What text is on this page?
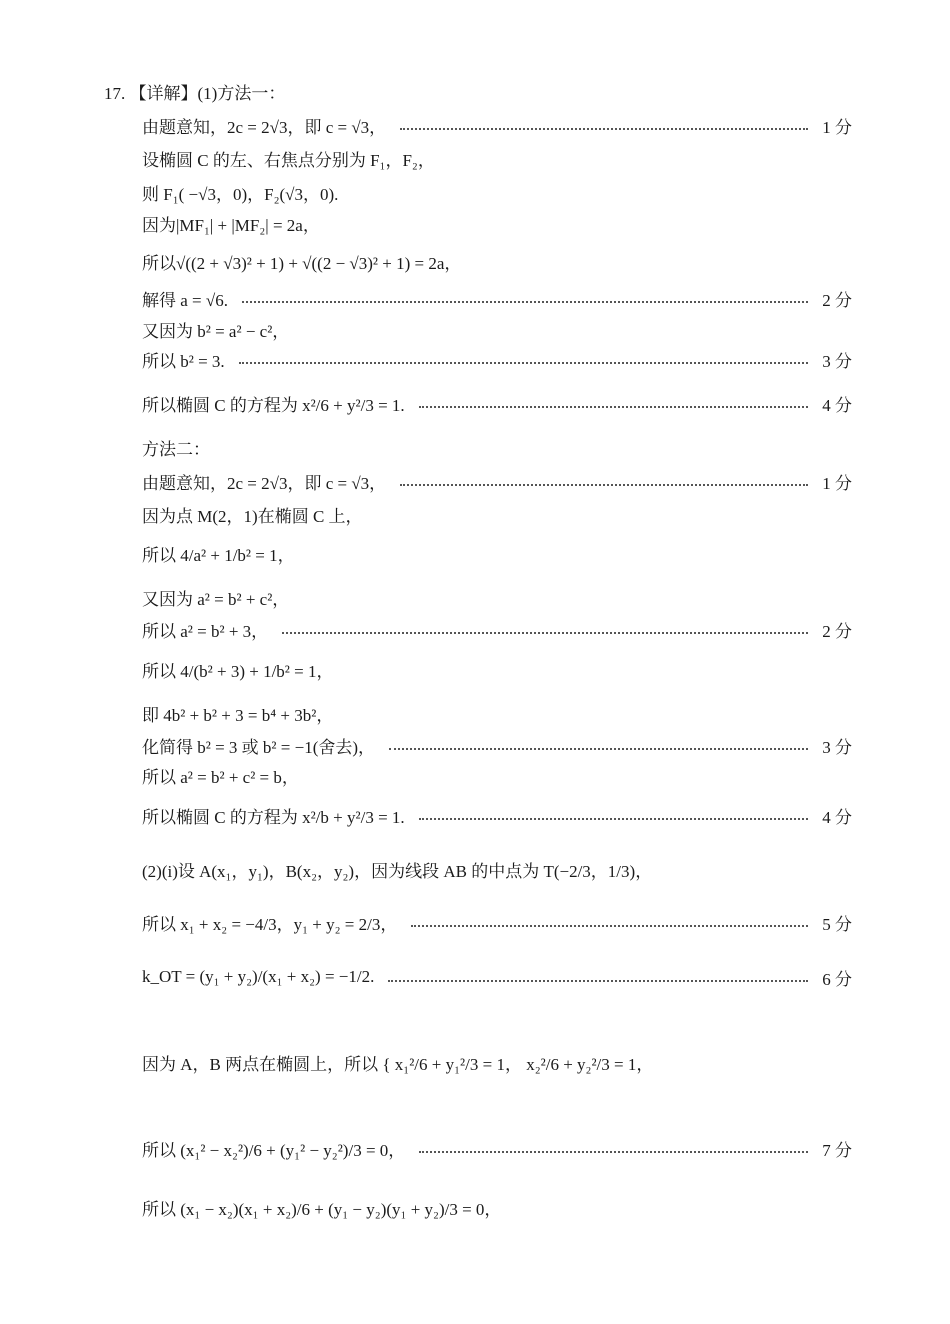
17. 【详解】(1)方法一：
由题意知，2c = 2√3，即 c = √3，	1 分
设椭圆 C 的左、右焦点分别为 F₁，F₂，
则 F₁( −√3，0)，F₂(√3，0).
因为|MF₁| + |MF₂| = 2a，
所以√((2 + √3)² + 1) + √((2 − √3)² + 1) = 2a，
解得 a = √6.	2 分
又因为 b² = a² − c²，
所以 b² = 3.	3 分
所以椭圆 C 的方程为 x²/6 + y²/3 = 1.	4 分
方法二：
由题意知，2c = 2√3，即 c = √3，	1 分
因为点 M(2，1)在椭圆 C 上，
所以 4/a² + 1/b² = 1，
又因为 a² = b² + c²，
所以 a² = b² + 3，	2 分
所以 4/(b² + 3) + 1/b² = 1，
即 4b² + b² + 3 = b⁴ + 3b²，
化简得 b² = 3 或 b² = −1(舍去)，	3 分
所以 a² = b² + c² = b，
所以椭圆 C 的方程为 x²/b + y²/3 = 1.	4 分
(2)(i)设 A(x₁，y₁)，B(x₂，y₂)，因为线段 AB 的中点为 T(−2/3，1/3)，
所以 x₁ + x₂ = −4/3，y₁ + y₂ = 2/3，	5 分
k_OT = (y₁ + y₂)/(x₁ + x₂) = −1/2.	6 分
因为 A，B 两点在椭圆上，所以 { x₁²/6 + y₁²/3 = 1， x₂²/6 + y₂²/3 = 1，
所以 (x₁² − x₂²)/6 + (y₁² − y₂²)/3 = 0，	7 分
所以 (x₁ − x₂)(x₁ + x₂)/6 + (y₁ − y₂)(y₁ + y₂)/3 = 0，
